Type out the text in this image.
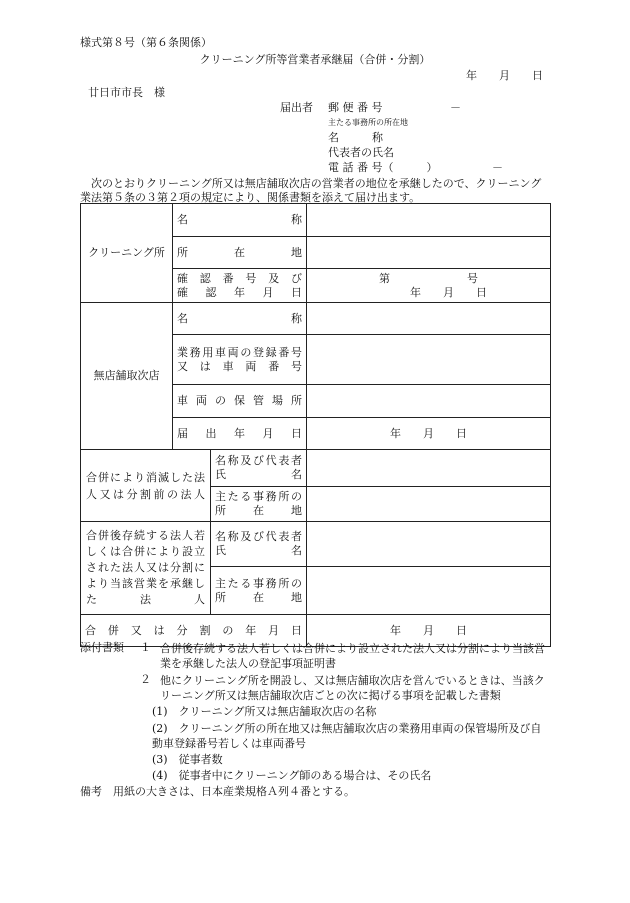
様式第８号（第６条関係）
クリーニング所等営業者承継届（合併・分割）
年　　月　　日
廿日市市長　様
届出者 郵 便 番 号	－
主たる事務所の所在地
名　　　称
代表者の氏名
電 話 番 号（　　　）	－
　次のとおりクリーニング所又は無店舗取次店の営業者の地位を承継したので、クリーニング業法第５条の３第２項の規定により、関係書類を添えて届け出ます。
クリーニング所	名　　　　　称		

	所　　在　　地		

	確認番号及び
確認年月日		第　　　　　　　号
年　　月　　日

無店舗取次店	名　　　　　称		

	業務用車両の登録番号
又は車両番号		

	車両の保管場所		

	届出年月日		年　　月　　日

合併により消滅した法人又は分割前の法人		名称及び代表者
氏　　　　　名	

		主たる事務所の
所　　在　　地	

合併後存続する法人若しくは合併により設立された法人又は分割により当該営業を承継した法人		名称及び代表者
氏　　　　　名	

		主たる事務所の
所　　在　　地	

合併又は分割の年月日			年　　月　　日
添付書類 １ 合併後存続する法人若しくは合併により設立された法人又は分割により当該営業を承継した法人の登記事項証明書
２ 他にクリーニング所を開設し、又は無店舗取次店を営んでいるときは、当該クリーニング所又は無店舗取次店ごとの次に掲げる事項を記載した書類
(1)　クリーニング所又は無店舗取次店の名称
(2)　クリーニング所の所在地又は無店舗取次店の業務用車両の保管場所及び自動車登録番号若しくは車両番号
(3)　従事者数
(4)　従事者中にクリーニング師のある場合は、その氏名
備考　用紙の大きさは、日本産業規格Ａ列４番とする。
